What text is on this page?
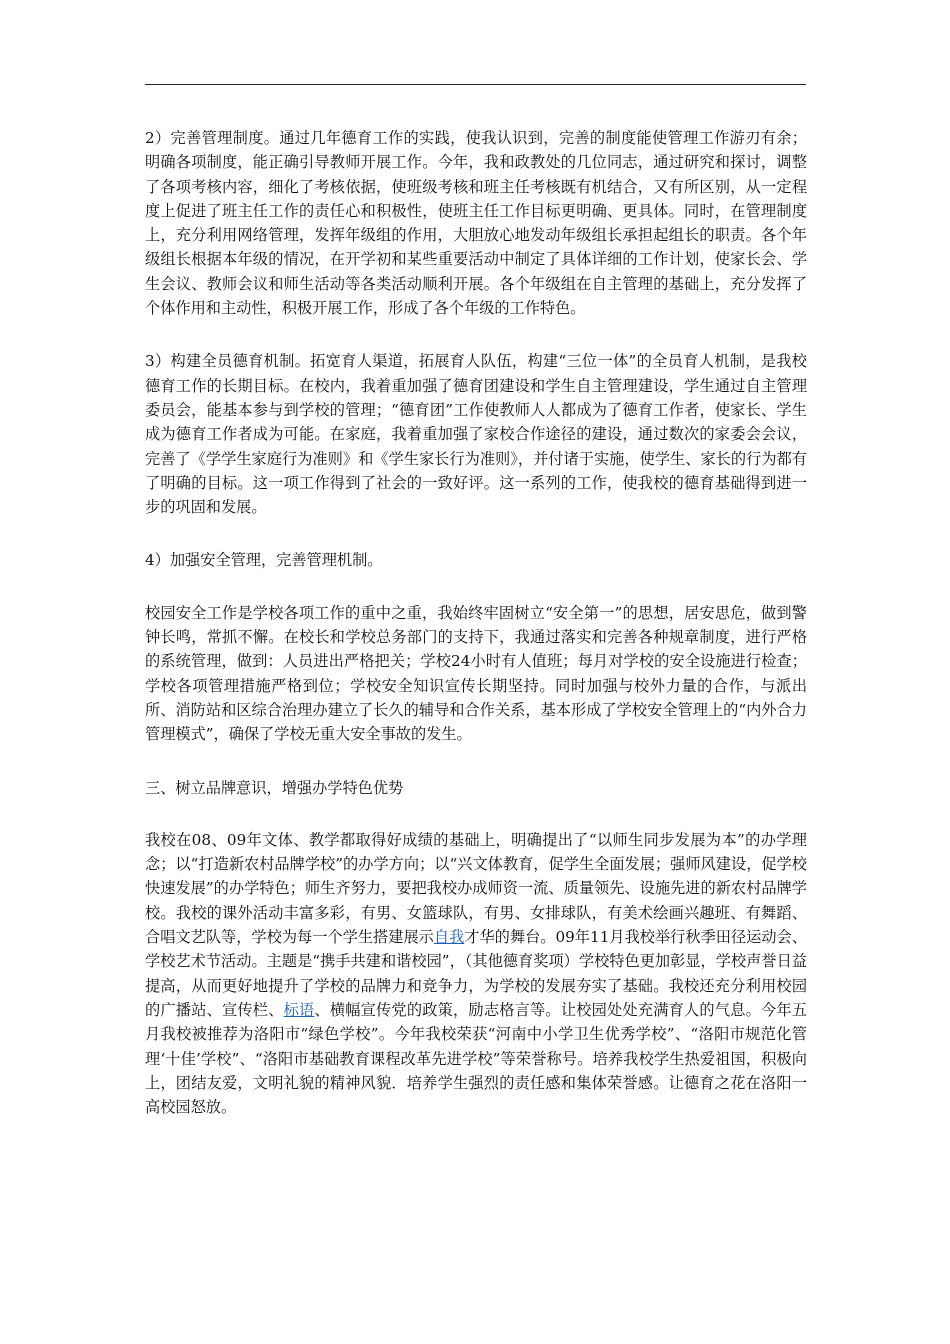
2）完善管理制度。通过几年德育工作的实践，使我认识到，完善的制度能使管理工作游刃有余；明确各项制度，能正确引导教师开展工作。今年，我和政教处的几位同志，通过研究和探讨，调整了各项考核内容，细化了考核依据，使班级考核和班主任考核既有机结合，又有所区别，从一定程度上促进了班主任工作的责任心和积极性，使班主任工作目标更明确、更具体。同时，在管理制度上，充分利用网络管理，发挥年级组的作用，大胆放心地发动年级组长承担起组长的职责。各个年级组长根据本年级的情况，在开学初和某些重要活动中制定了具体详细的工作计划，使家长会、学生会议、教师会议和师生活动等各类活动顺利开展。各个年级组在自主管理的基础上，充分发挥了个体作用和主动性，积极开展工作，形成了各个年级的工作特色。

3）构建全员德育机制。拓宽育人渠道，拓展育人队伍，构建“三位一体”的全员育人机制，是我校德育工作的长期目标。在校内，我着重加强了德育团建设和学生自主管理建设，学生通过自主管理委员会，能基本参与到学校的管理；“德育团”工作使教师人人都成为了德育工作者，使家长、学生成为德育工作者成为可能。在家庭，我着重加强了家校合作途径的建设，通过数次的家委会会议，完善了《学学生家庭行为准则》和《学生家长行为准则》，并付诸于实施，使学生、家长的行为都有了明确的目标。这一项工作得到了社会的一致好评。这一系列的工作，使我校的德育基础得到进一步的巩固和发展。

4）加强安全管理，完善管理机制。

校园安全工作是学校各项工作的重中之重，我始终牢固树立“安全第一”的思想，居安思危，做到警钟长鸣，常抓不懈。在校长和学校总务部门的支持下，我通过落实和完善各种规章制度，进行严格的系统管理，做到：人员进出严格把关；学校24小时有人值班；每月对学校的安全设施进行检查；学校各项管理措施严格到位；学校安全知识宣传长期坚持。同时加强与校外力量的合作，与派出所、消防站和区综合治理办建立了长久的辅导和合作关系，基本形成了学校安全管理上的“内外合力管理模式”，确保了学校无重大安全事故的发生。

三、树立品牌意识，增强办学特色优势

我校在08、09年文体、教学都取得好成绩的基础上，明确提出了“以师生同步发展为本”的办学理念；以“打造新农村品牌学校”的办学方向；以“兴文体教育，促学生全面发展；强师风建设，促学校快速发展”的办学特色；师生齐努力，要把我校办成师资一流、质量领先、设施先进的新农村品牌学校。我校的课外活动丰富多彩，有男、女篮球队，有男、女排球队，有美术绘画兴趣班、有舞蹈、合唱文艺队等，学校为每一个学生搭建展示自我才华的舞台。09年11月我校举行秋季田径运动会、学校艺术节活动。主题是“携手共建和谐校园”，（其他德育奖项）学校特色更加彰显，学校声誉日益提高，从而更好地提升了学校的品牌力和竞争力，为学校的发展夯实了基础。我校还充分利用校园的广播站、宣传栏、标语、横幅宣传党的政策，励志格言等。让校园处处充满育人的气息。今年五月我校被推荐为洛阳市“绿色学校”。今年我校荣获“河南中小学卫生优秀学校”、“洛阳市规范化管理‘十佳’学校”、“洛阳市基础教育课程改革先进学校”等荣誉称号。培养我校学生热爱祖国，积极向上，团结友爱，文明礼貌的精神风貌．培养学生强烈的责任感和集体荣誉感。让德育之花在洛阳一高校园怒放。
